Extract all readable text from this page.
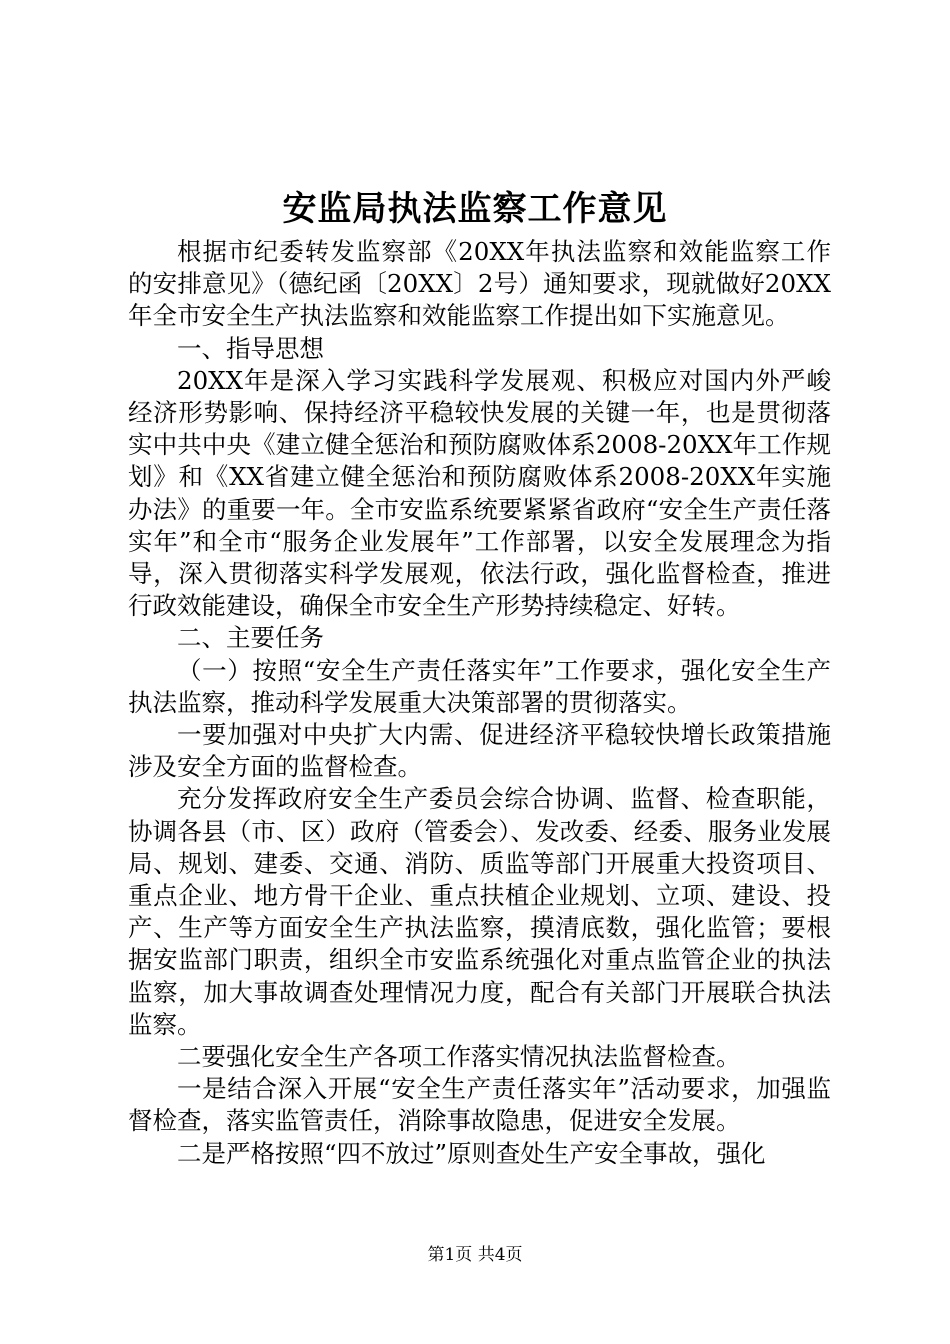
安监局执法监察工作意见

根据市纪委转发监察部《20XX年执法监察和效能监察工作的安排意见》（德纪函〔20XX〕2号）通知要求，现就做好20XX年全市安全生产执法监察和效能监察工作提出如下实施意见。

一、指导思想

20XX年是深入学习实践科学发展观、积极应对国内外严峻经济形势影响、保持经济平稳较快发展的关键一年，也是贯彻落实中共中央《建立健全惩治和预防腐败体系2008-20XX年工作规划》和《XX省建立健全惩治和预防腐败体系2008-20XX年实施办法》的重要一年。全市安监系统要紧紧省政府“安全生产责任落实年”和全市“服务企业发展年”工作部署，以安全发展理念为指导，深入贯彻落实科学发展观，依法行政，强化监督检查，推进行政效能建设，确保全市安全生产形势持续稳定、好转。

二、主要任务

（一）按照“安全生产责任落实年”工作要求，强化安全生产执法监察，推动科学发展重大决策部署的贯彻落实。

一要加强对中央扩大内需、促进经济平稳较快增长政策措施涉及安全方面的监督检查。

充分发挥政府安全生产委员会综合协调、监督、检查职能，协调各县（市、区）政府（管委会）、发改委、经委、服务业发展局、规划、建委、交通、消防、质监等部门开展重大投资项目、重点企业、地方骨干企业、重点扶植企业规划、立项、建设、投产、生产等方面安全生产执法监察，摸清底数，强化监管；要根据安监部门职责，组织全市安监系统强化对重点监管企业的执法监察，加大事故调查处理情况力度，配合有关部门开展联合执法监察。

二要强化安全生产各项工作落实情况执法监督检查。

一是结合深入开展“安全生产责任落实年”活动要求，加强监督检查，落实监管责任，消除事故隐患，促进安全发展。

二是严格按照“四不放过”原则查处生产安全事故，强化

第1页 共4页
